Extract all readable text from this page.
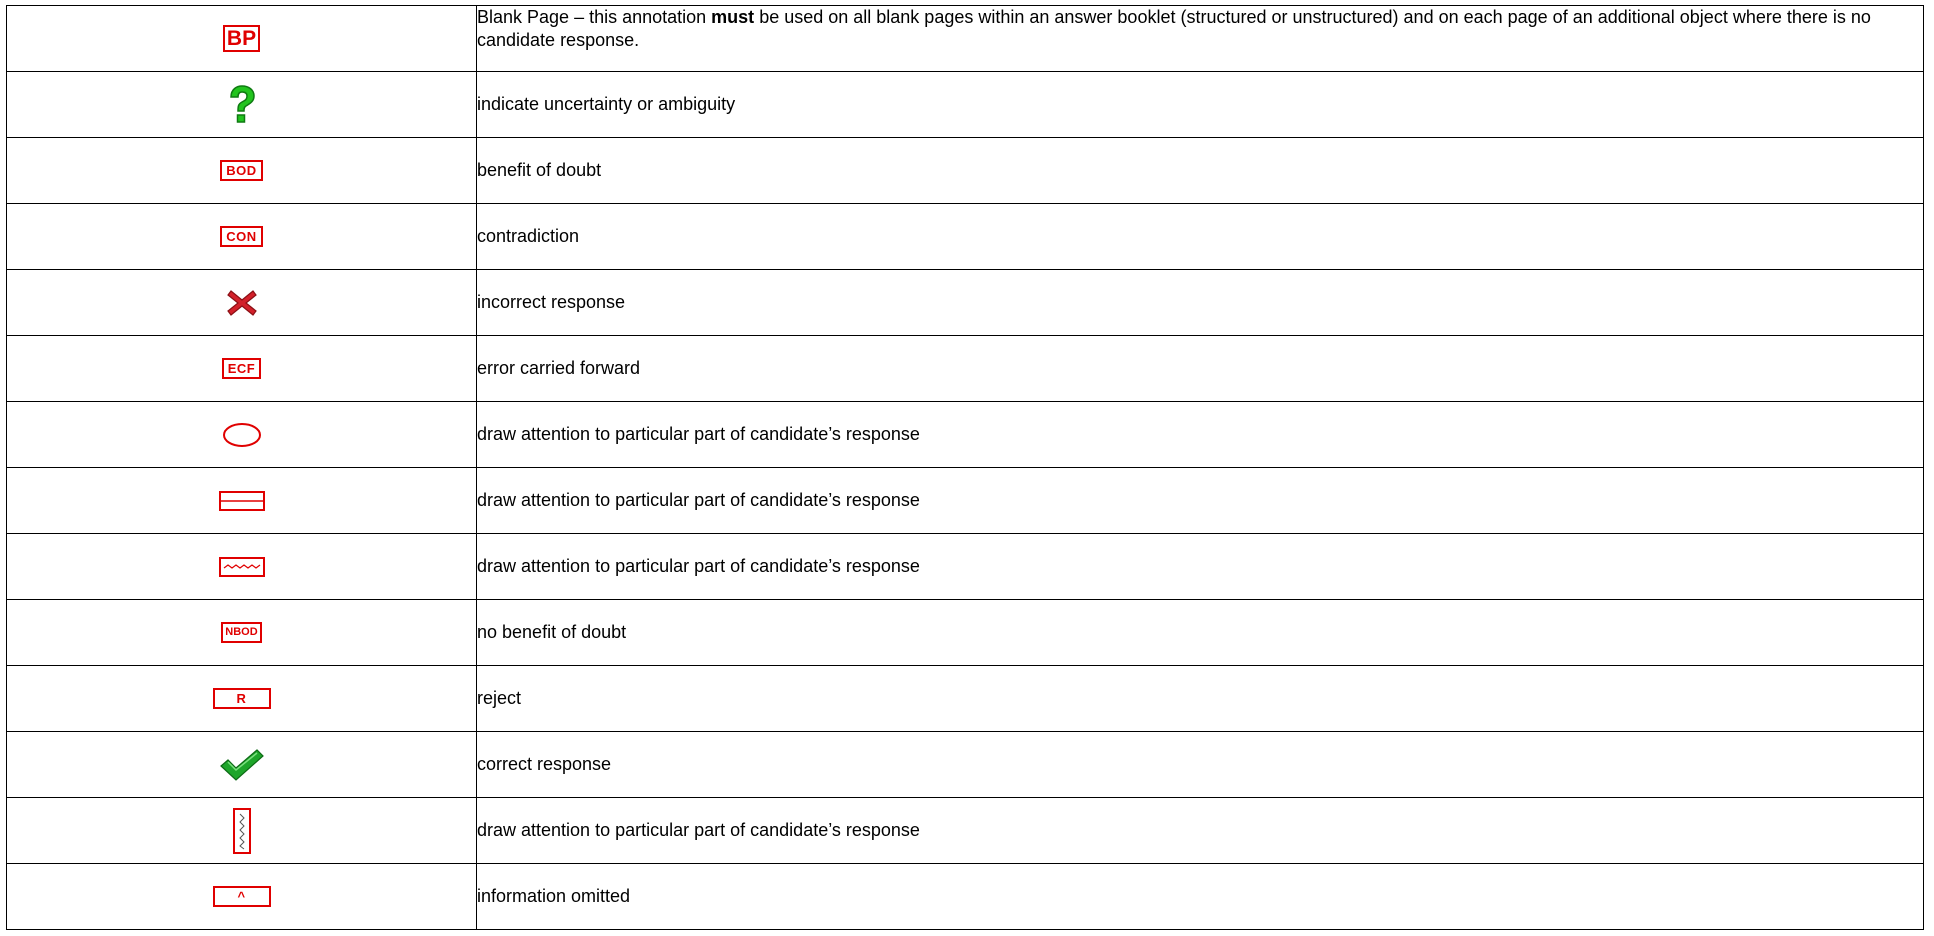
BP	Blank Page – this annotation must be used on all blank pages within an answer booklet (structured or unstructured) and on each page of an additional object where there is no candidate response.

	indicate uncertainty or ambiguity
BOD	benefit of doubt
CON	contradiction

	incorrect response
ECF	error carried forward

	draw attention to particular part of candidate’s response

	draw attention to particular part of candidate’s response

	draw attention to particular part of candidate’s response
NBOD	no benefit of doubt
R	reject

	correct response

	draw attention to particular part of candidate’s response
^	information omitted
